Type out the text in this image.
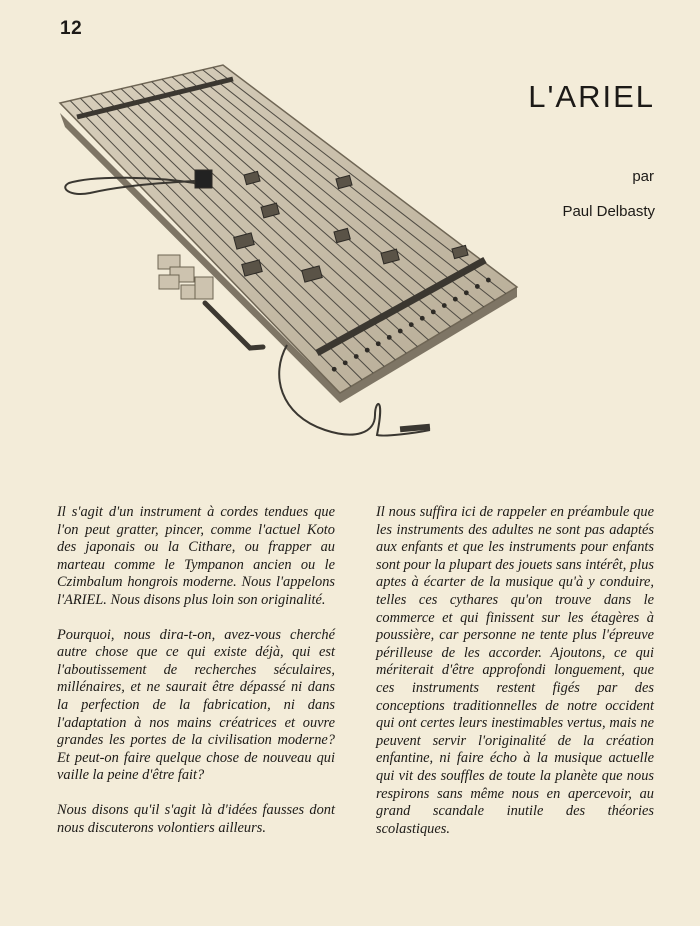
12
L'ARIEL
par
Paul Delbasty

Il s'agit d'un instrument à cordes tendues que l'on peut gratter, pincer, comme l'actuel Koto des japonais ou la Cithare, ou frapper au marteau comme le Tympanon ancien ou le Czimbalum hongrois moderne. Nous l'appelons l'ARIEL. Nous disons plus loin son originalité.

Pourquoi, nous dira-t-on, avez-vous cherché autre chose que ce qui existe déjà, qui est l'aboutissement de recherches séculaires, millénaires, et ne saurait être dépassé ni dans la perfection de la fabrication, ni dans l'adaptation à nos mains créatrices et ouvre grandes les portes de la civilisation moderne? Et peut-on faire quelque chose de nouveau qui vaille la peine d'être fait?

Nous disons qu'il s'agit là d'idées fausses dont nous discuterons volontiers ailleurs.

Il nous suffira ici de rappeler en préambule que les instruments des adultes ne sont pas adaptés aux enfants et que les instruments pour enfants sont pour la plupart des jouets sans intérêt, plus aptes à écarter de la musique qu'à y conduire, telles ces cythares qu'on trouve dans le commerce et qui finissent sur les étagères à poussière, car personne ne tente plus l'épreuve périlleuse de les accorder. Ajoutons, ce qui mériterait d'être approfondi longuement, que ces instruments restent figés par des conceptions traditionnelles de notre occident qui ont certes leurs inestimables vertus, mais ne peuvent servir l'originalité de la création enfantine, ni faire écho à la musique actuelle qui vit des souffles de toute la planète que nous respirons sans même nous en apercevoir, au grand scandale inutile des théories scolastiques.
